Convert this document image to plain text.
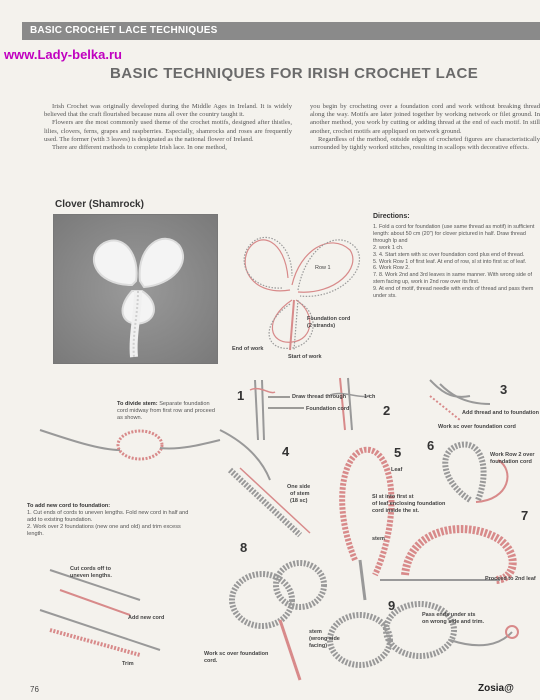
BASIC CROCHET LACE TECHNIQUES
www.Lady-belka.ru
BASIC TECHNIQUES FOR IRISH CROCHET LACE

Irish Crochet was originally developed during the Middle Ages in Ireland. It is widely believed that the craft flourished because nuns all over the country taught it.

Flowers are the most commonly used theme of the crochet motifs, designed after thistles, lilies, clovers, ferns, grapes and raspberries. Especially, shamrocks and roses are frequently used. The former (with 3 leaves) is designated as the national flower of Ireland.

There are different methods to complete Irish lace. In one method,

you begin by crocheting over a foundation cord and work without breaking thread along the way. Motifs are later joined together by working network or filet ground. In another method, you work by cutting or adding thread at the end of each motif. In still another, crochet motifs are appliqued on network ground.

Regardless of the method, outside edges of crocheted figures are characteristically surrounded by tightly worked stitches, resulting in scallops with decorative effects.

Clover (Shamrock)
Row 1
Foundation cord
(2 strands)
End of work
Start of work
Directions:
1. Fold a cord for foundation (use same thread as motif) in sufficient length: about 50 cm (20") for clover pictured in half. Draw thread through lp and
2. work 1 ch.
3. 4. Start stem with sc over foundation cord plus end of thread.
5. Work Row 1 of first leaf. At end of row, sl st into first sc of leaf.
6. Work Row 2.
7. 8. Work 2nd and 3rd leaves in same manner. With wrong side of stem facing up, work in 2nd row over its first.
9. At end of motif, thread needle with ends of thread and pass them under sts.
1
2
3
4	5 6
7
8
9
Draw thread through	1-ch
Foundation cord
Add thread and to foundation
Work sc over foundation cord
One side
of stem
(18 sc)
Leaf
Sl st into first st
of leaf enclosing foundation
cord inside the st.
stem
Work Row 2 over
foundation cord
Proceed to 2nd leaf
Work sc over foundation
cord.
stem
(wrong side
facing)
Pass ends under sts
on wrong side and trim.
To divide stem: Separate foundation cord midway from first row and proceed as shown.
To add new cord to foundation:
1. Cut ends of cords to uneven lengths. Fold new cord in half and add to existing foundation.
2. Work over 2 foundations (new one and old) and trim excess length.
Cut cords off to
uneven lengths.
Add new cord
Trim
76	Zosia@
